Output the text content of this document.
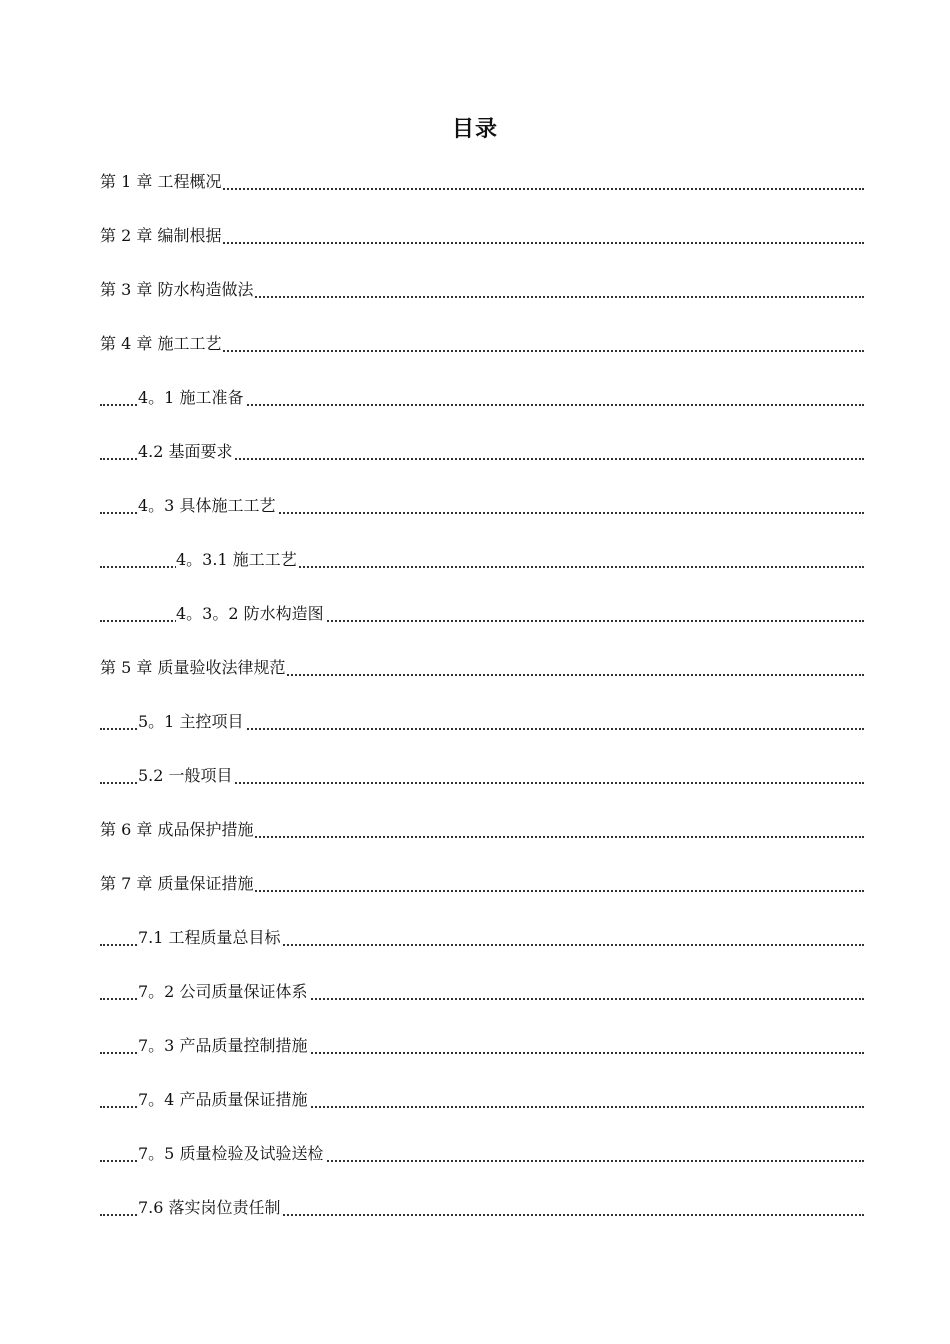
目录
第 1 章 工程概况
第 2 章 编制根据
第 3 章 防水构造做法
第 4 章 施工工艺
4。1 施工准备
4.2 基面要求
4。3 具体施工工艺
4。3.1 施工工艺
4。3。2 防水构造图
第 5 章 质量验收法律规范
5。1 主控项目
5.2 一般项目
第 6 章 成品保护措施
第 7 章 质量保证措施
7.1 工程质量总目标
7。2 公司质量保证体系
7。3 产品质量控制措施
7。4 产品质量保证措施
7。5 质量检验及试验送检
7.6 落实岗位责任制
